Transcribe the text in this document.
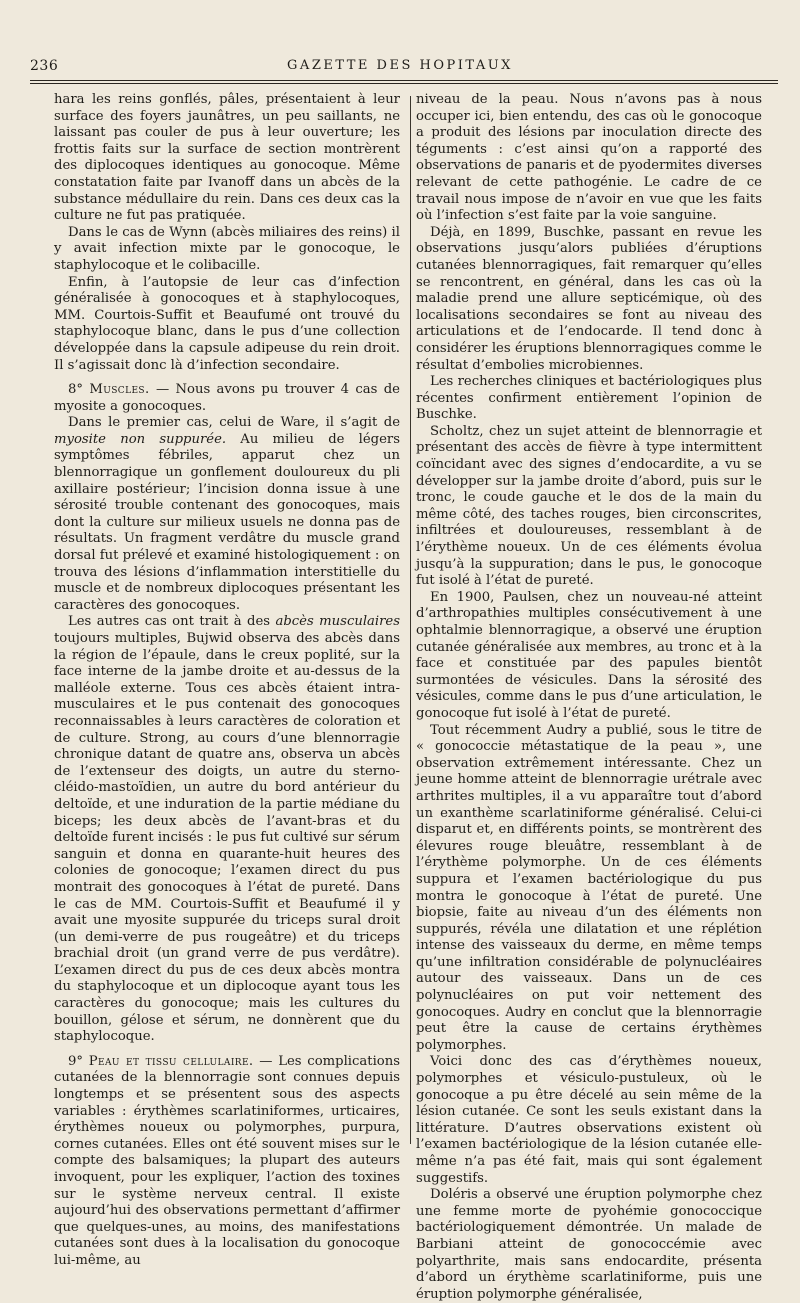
236	GAZETTE DES HOPITAUX

hara les reins gonflés, pâles, présentaient à leur surface des foyers jaunâtres, un peu saillants, ne laissant pas couler de pus à leur ouverture; les frottis faits sur la surface de section montrèrent des diplocoques identiques au gonocoque. Même constatation faite par Ivanoff dans un abcès de la substance médullaire du rein. Dans ces deux cas la culture ne fut pas pratiquée.

Dans le cas de Wynn (abcès miliaires des reins) il y avait infection mixte par le gonocoque, le staphylocoque et le colibacille.

Enfin, à l’autopsie de leur cas d’infection généralisée à gonocoques et à staphylocoques, MM. Courtois-Suffit et Beaufumé ont trouvé du staphylocoque blanc, dans le pus d’une collection développée dans la capsule adipeuse du rein droit. Il s’agissait donc là d’infection secondaire.

8° Muscles. — Nous avons pu trouver 4 cas de myosite a gonocoques.

Dans le premier cas, celui de Ware, il s’agit de myosite non suppurée. Au milieu de légers symptômes fébriles, apparut chez un blennorragique un gonflement douloureux du pli axillaire postérieur; l’incision donna issue à une sérosité trouble contenant des gonocoques, mais dont la culture sur milieux usuels ne donna pas de résultats. Un fragment verdâtre du muscle grand dorsal fut prélevé et examiné histologiquement : on trouva des lésions d’inflammation interstitielle du muscle et de nombreux diplocoques présentant les caractères des gonocoques.

Les autres cas ont trait à des abcès musculaires toujours multiples, Bujwid observa des abcès dans la région de l’épaule, dans le creux poplité, sur la face interne de la jambe droite et au-dessus de la malléole externe. Tous ces abcès étaient intra-musculaires et le pus contenait des gonocoques reconnaissables à leurs caractères de coloration et de culture. Strong, au cours d’une blennorragie chronique datant de quatre ans, observa un abcès de l’extenseur des doigts, un autre du sterno-cléido-mastoïdien, un autre du bord antérieur du deltoïde, et une induration de la partie médiane du biceps; les deux abcès de l’avant-bras et du deltoïde furent incisés : le pus fut cultivé sur sérum sanguin et donna en quarante-huit heures des colonies de gonocoque; l’examen direct du pus montrait des gonocoques à l’état de pureté. Dans le cas de MM. Courtois-Suffit et Beaufumé il y avait une myosite suppurée du triceps sural droit (un demi-verre de pus rougeâtre) et du triceps brachial droit (un grand verre de pus verdâtre). L’examen direct du pus de ces deux abcès montra du staphylocoque et un diplocoque ayant tous les caractères du gonocoque; mais les cultures du bouillon, gélose et sérum, ne donnèrent que du staphylocoque.

9° Peau et tissu cellulaire. — Les complications cutanées de la blennorragie sont connues depuis longtemps et se présentent sous des aspects variables : érythèmes scarlatiniformes, urticaires, érythèmes noueux ou polymorphes, purpura, cornes cutanées. Elles ont été souvent mises sur le compte des balsamiques; la plupart des auteurs invoquent, pour les expliquer, l’action des toxines sur le système nerveux central. Il existe aujourd’hui des observations permettant d’affirmer que quelques-unes, au moins, des manifestations cutanées sont dues à la localisation du gonocoque lui-même, au

niveau de la peau. Nous n’avons pas à nous occuper ici, bien entendu, des cas où le gonocoque a produit des lésions par inoculation directe des téguments : c’est ainsi qu’on a rapporté des observations de panaris et de pyodermites diverses relevant de cette pathogénie. Le cadre de ce travail nous impose de n’avoir en vue que les faits où l’infection s’est faite par la voie sanguine.

Déjà, en 1899, Buschke, passant en revue les observations jusqu’alors publiées d’éruptions cutanées blennorragiques, fait remarquer qu’elles se rencontrent, en général, dans les cas où la maladie prend une allure septicémique, où des localisations secondaires se font au niveau des articulations et de l’endocarde. Il tend donc à considérer les éruptions blennorragiques comme le résultat d’embolies microbiennes.

Les recherches cliniques et bactériologiques plus récentes confirment entièrement l’opinion de Buschke.

Scholtz, chez un sujet atteint de blennorragie et présentant des accès de fièvre à type intermittent coïncidant avec des signes d’endocardite, a vu se développer sur la jambe droite d’abord, puis sur le tronc, le coude gauche et le dos de la main du même côté, des taches rouges, bien circonscrites, infiltrées et douloureuses, ressemblant à de l’érythème noueux. Un de ces éléments évolua jusqu’à la suppuration; dans le pus, le gonocoque fut isolé à l’état de pureté.

En 1900, Paulsen, chez un nouveau-né atteint d’arthropathies multiples consécutivement à une ophtalmie blennorragique, a observé une éruption cutanée généralisée aux membres, au tronc et à la face et constituée par des papules bientôt surmontées de vésicules. Dans la sérosité des vésicules, comme dans le pus d’une articulation, le gonocoque fut isolé à l’état de pureté.

Tout récemment Audry a publié, sous le titre de « gonococcie métastatique de la peau », une observation extrêmement intéressante. Chez un jeune homme atteint de blennorragie urétrale avec arthrites multiples, il a vu apparaître tout d’abord un exanthème scarlatiniforme généralisé. Celui-ci disparut et, en différents points, se montrèrent des élevures rouge bleuâtre, ressemblant à de l’érythème polymorphe. Un de ces éléments suppura et l’examen bactériologique du pus montra le gonocoque à l’état de pureté. Une biopsie, faite au niveau d’un des éléments non suppurés, révéla une dilatation et une réplétion intense des vaisseaux du derme, en même temps qu’une infiltration considérable de polynucléaires autour des vaisseaux. Dans un de ces polynucléaires on put voir nettement des gonocoques. Audry en conclut que la blennorragie peut être la cause de certains érythèmes polymorphes.

Voici donc des cas d’érythèmes noueux, polymorphes et vésiculo-pustuleux, où le gonocoque a pu être décelé au sein même de la lésion cutanée. Ce sont les seuls existant dans la littérature. D’autres observations existent où l’examen bactériologique de la lésion cutanée elle-même n’a pas été fait, mais qui sont également suggestifs.

Doléris a observé une éruption polymorphe chez une femme morte de pyohémie gonococcique bactériologiquement démontrée. Un malade de Barbiani atteint de gonococcémie avec polyarthrite, mais sans endocardite, présenta d’abord un érythème scarlatiniforme, puis une éruption polymorphe généralisée,
